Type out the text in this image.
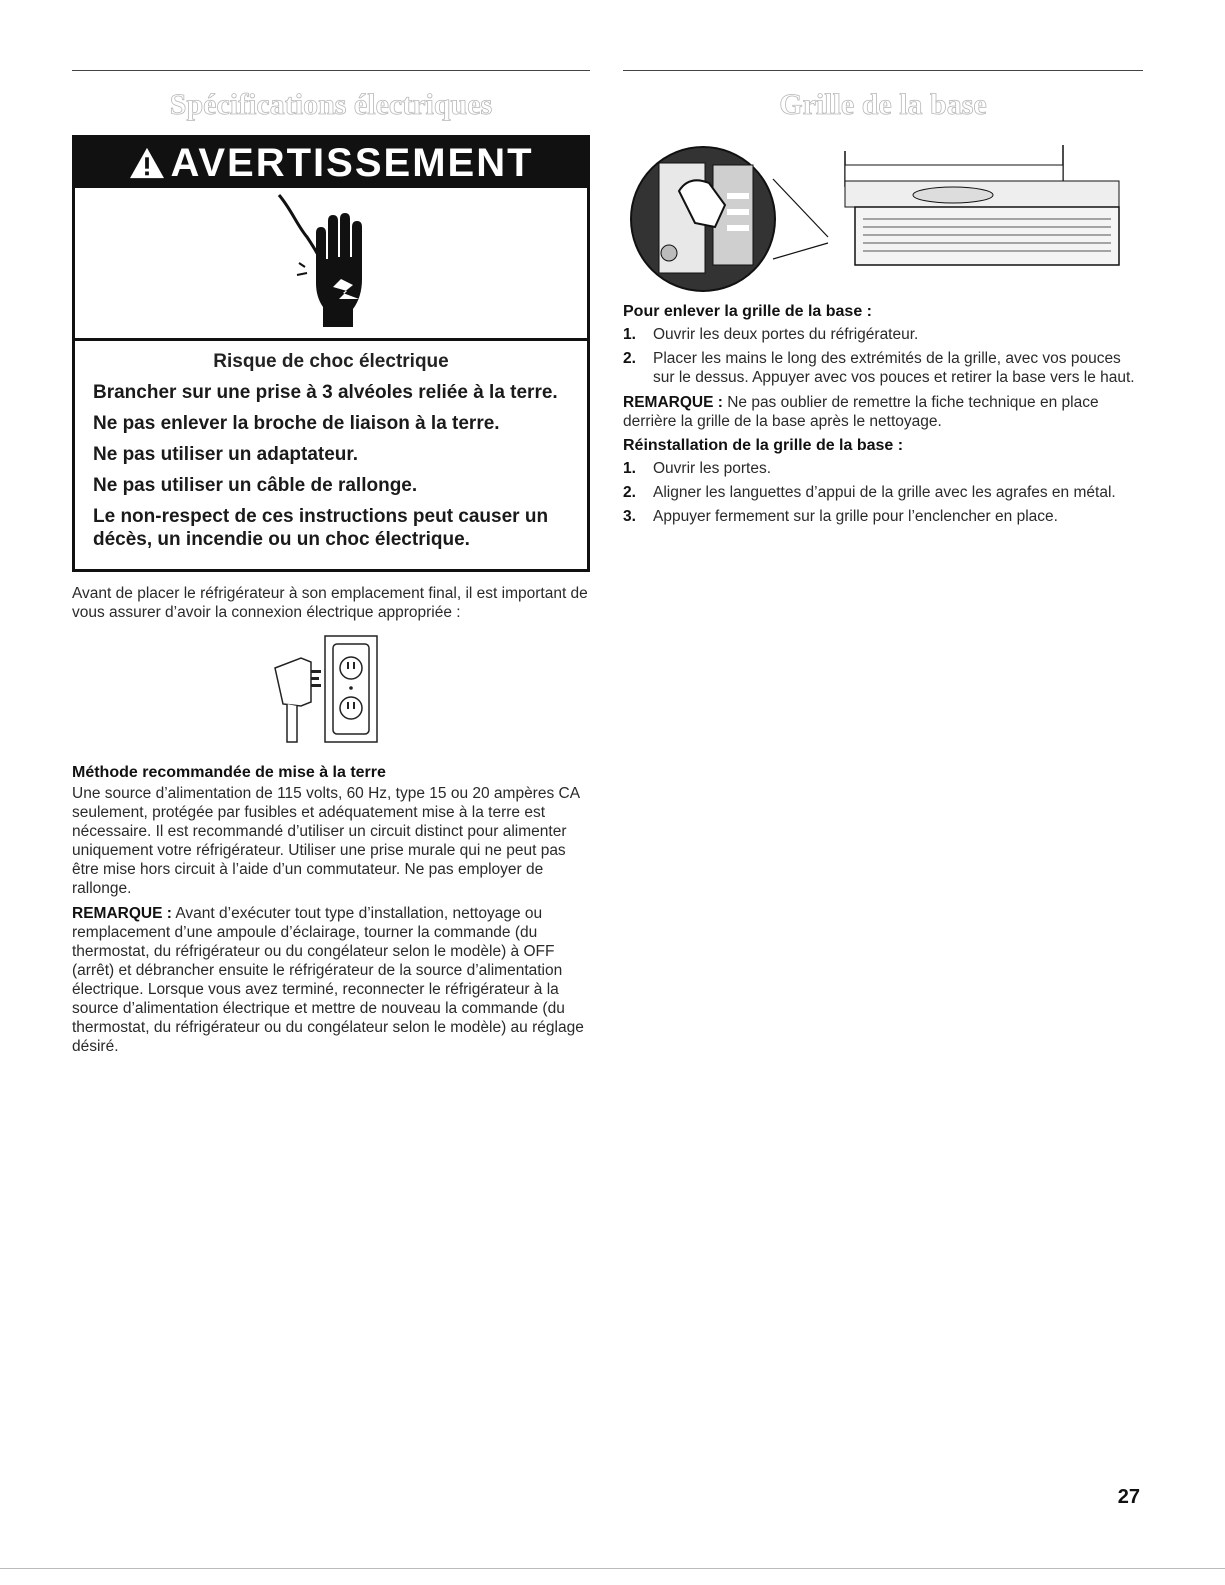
Spécifications électriques
AVERTISSEMENT
Risque de choc électrique
Brancher sur une prise à 3 alvéoles reliée à la terre.
Ne pas enlever la broche de liaison à la terre.
Ne pas utiliser un adaptateur.
Ne pas utiliser un câble de rallonge.
Le non-respect de ces instructions peut causer un décès, un incendie ou un choc électrique.

Avant de placer le réfrigérateur à son emplacement final, il est important de vous assurer d’avoir la connexion électrique appropriée :

Méthode recommandée de mise à la terre

Une source d’alimentation de 115 volts, 60 Hz, type 15 ou 20 ampères CA seulement, protégée par fusibles et adéquatement mise à la terre est nécessaire. Il est recommandé d’utiliser un circuit distinct pour alimenter uniquement votre réfrigérateur. Utiliser une prise murale qui ne peut pas être mise hors circuit à l’aide d’un commutateur. Ne pas employer de rallonge.

REMARQUE : Avant d’exécuter tout type d’installation, nettoyage ou remplacement d’une ampoule d’éclairage, tourner la commande (du thermostat, du réfrigérateur ou du congélateur selon le modèle) à OFF (arrêt) et débrancher ensuite le réfrigérateur de la source d’alimentation électrique. Lorsque vous avez terminé, reconnecter le réfrigérateur à la source d’alimentation électrique et mettre de nouveau la commande (du thermostat, du réfrigérateur ou du congélateur selon le modèle) au réglage désiré.

Grille de la base
Pour enlever la grille de la base :
1. Ouvrir les deux portes du réfrigérateur.
2. Placer les mains le long des extrémités de la grille, avec vos pouces sur le dessus. Appuyer avec vos pouces et retirer la base vers le haut.

REMARQUE : Ne pas oublier de remettre la fiche technique en place derrière la grille de la base après le nettoyage.

Réinstallation de la grille de la base :
1. Ouvrir les portes.
2. Aligner les languettes d’appui de la grille avec les agrafes en métal.
3. Appuyer fermement sur la grille pour l’enclencher en place.
27
